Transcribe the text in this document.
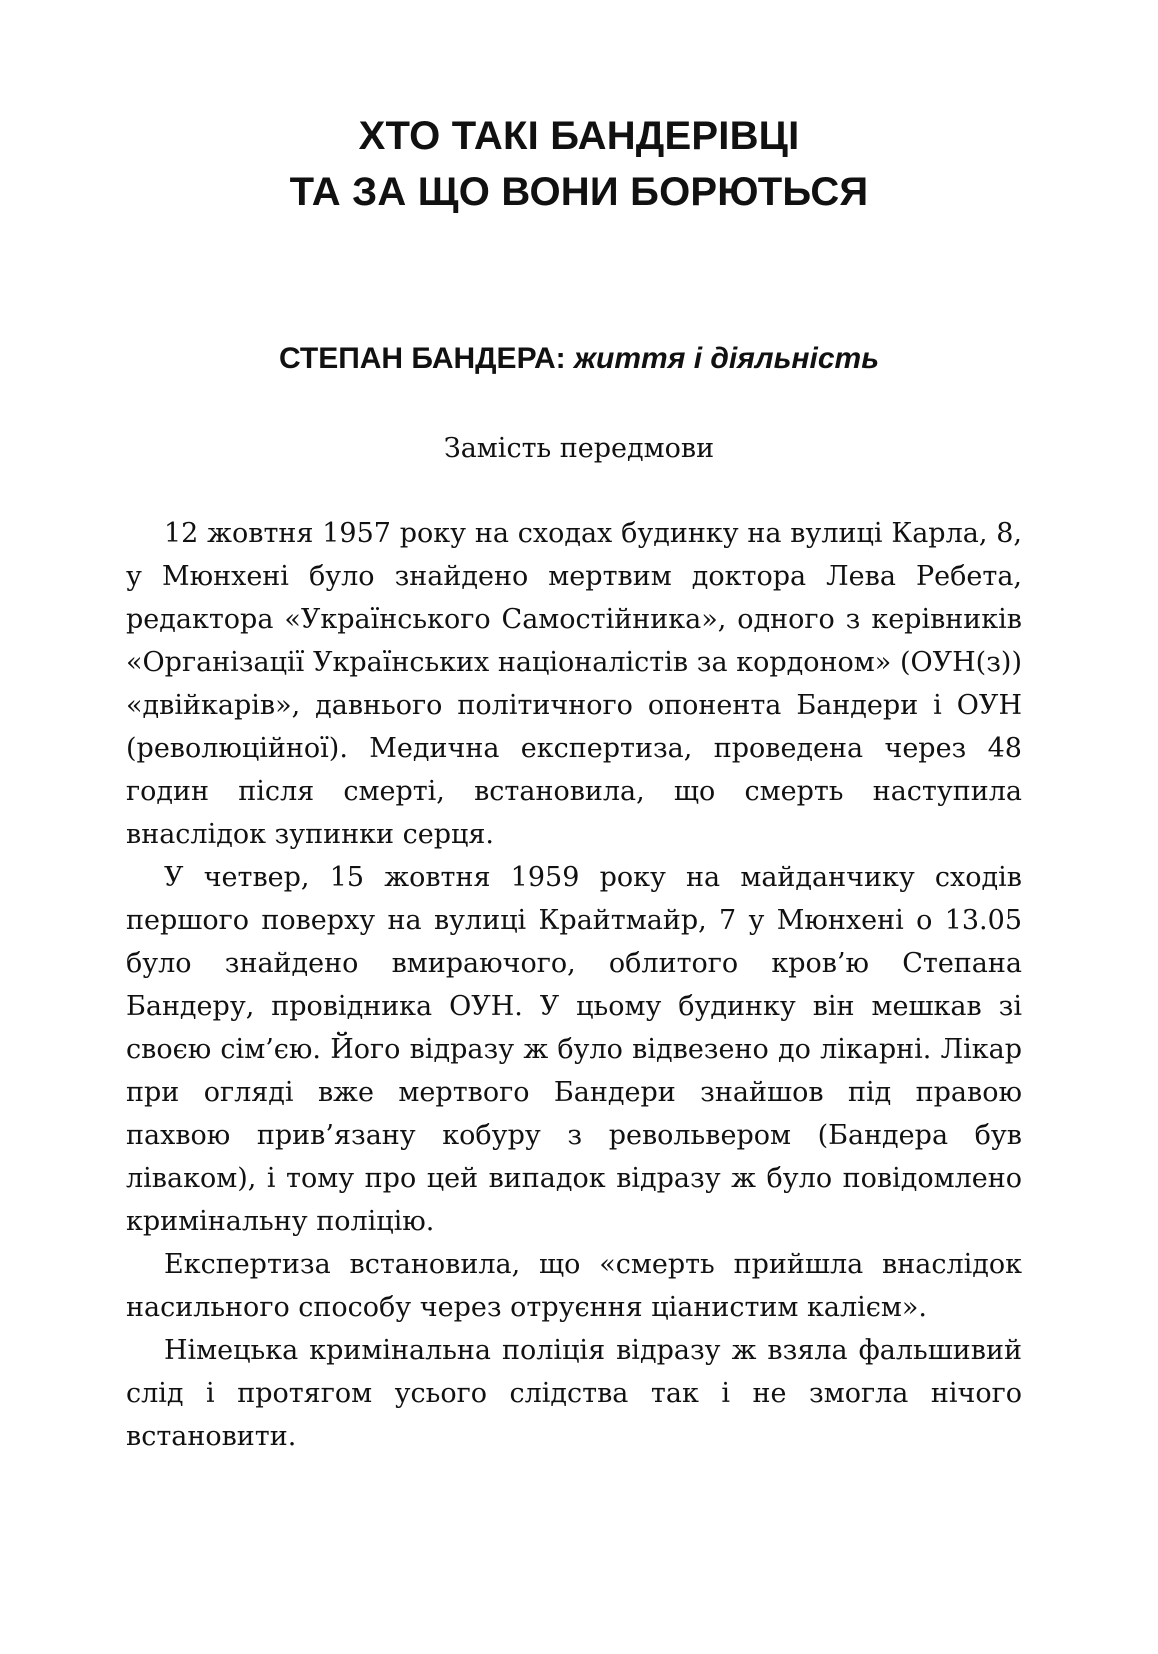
ХТО ТАКІ БАНДЕРІВЦІ
ТА ЗА ЩО ВОНИ БОРЮТЬСЯ
СТЕПАН БАНДЕРА: життя і діяльність
Замість передмови

12 жовтня 1957 року на сходах будинку на вулиці Карла, 8, у Мюнхені було знайдено мертвим доктора Лева Ребета, редактора «Українського Самостійника», одного з керівників «Організації Українських націоналістів за кордоном» (ОУН(з)) «двійкарів», давнього політичного опонента Бандери і ОУН (революційної). Медична експертиза, проведена через 48 годин після смерті, встановила, що смерть наступила внаслідок зупинки серця.

У четвер, 15 жовтня 1959 року на майданчику сходів першого поверху на вулиці Крайтмайр, 7 у Мюнхені о 13.05 було знайдено вмираючого, облитого кров’ю Степана Бандеру, провідника ОУН. У цьому будинку він мешкав зі своєю сім’єю. Його відразу ж було відвезено до лікарні. Лікар при огляді вже мертвого Бандери знайшов під правою пахвою прив’язану кобуру з револьвером (Бандера був ліваком), і тому про цей випадок відразу ж було повідомлено кримінальну поліцію.

Експертиза встановила, що «смерть прийшла внаслідок насильного способу через отруєння ціанистим калієм».

Німецька кримінальна поліція відразу ж взяла фальшивий слід і протягом усього слідства так і не змогла нічого встановити.
